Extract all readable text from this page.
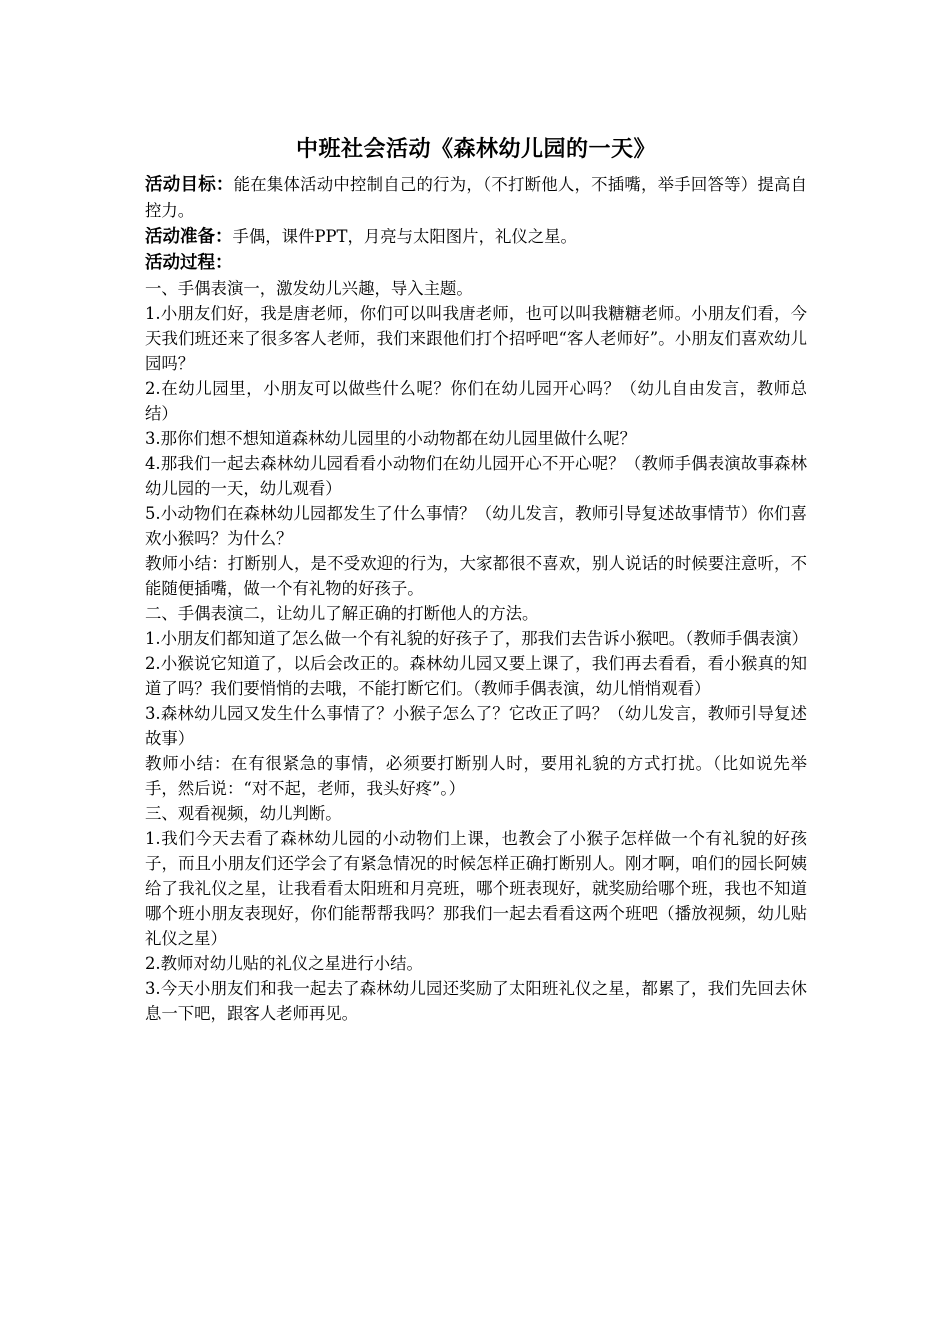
中班社会活动《森林幼儿园的一天》

活动目标：能在集体活动中控制自己的行为，（不打断他人，不插嘴，举手回答等）提高自控力。

活动准备：手偶，课件PPT，月亮与太阳图片，礼仪之星。

活动过程：

一、手偶表演一，激发幼儿兴趣，导入主题。

1.小朋友们好，我是唐老师，你们可以叫我唐老师，也可以叫我糖糖老师。小朋友们看，今天我们班还来了很多客人老师，我们来跟他们打个招呼吧“客人老师好”。小朋友们喜欢幼儿园吗？

2.在幼儿园里，小朋友可以做些什么呢？你们在幼儿园开心吗？（幼儿自由发言，教师总结）

3.那你们想不想知道森林幼儿园里的小动物都在幼儿园里做什么呢？

4.那我们一起去森林幼儿园看看小动物们在幼儿园开心不开心呢？（教师手偶表演故事森林幼儿园的一天，幼儿观看）

5.小动物们在森林幼儿园都发生了什么事情？（幼儿发言，教师引导复述故事情节）你们喜欢小猴吗？为什么？

教师小结：打断别人，是不受欢迎的行为，大家都很不喜欢，别人说话的时候要注意听，不能随便插嘴，做一个有礼物的好孩子。

二、手偶表演二，让幼儿了解正确的打断他人的方法。

1.小朋友们都知道了怎么做一个有礼貌的好孩子了，那我们去告诉小猴吧。（教师手偶表演）

2.小猴说它知道了，以后会改正的。森林幼儿园又要上课了，我们再去看看，看小猴真的知道了吗？我们要悄悄的去哦，不能打断它们。（教师手偶表演，幼儿悄悄观看）

3.森林幼儿园又发生什么事情了？小猴子怎么了？它改正了吗？（幼儿发言，教师引导复述故事）

教师小结：在有很紧急的事情，必须要打断别人时，要用礼貌的方式打扰。（比如说先举手，然后说：“对不起，老师，我头好疼”。）

三、观看视频，幼儿判断。

1.我们今天去看了森林幼儿园的小动物们上课，也教会了小猴子怎样做一个有礼貌的好孩子，而且小朋友们还学会了有紧急情况的时候怎样正确打断别人。刚才啊，咱们的园长阿姨给了我礼仪之星，让我看看太阳班和月亮班，哪个班表现好，就奖励给哪个班，我也不知道哪个班小朋友表现好，你们能帮帮我吗？那我们一起去看看这两个班吧（播放视频，幼儿贴礼仪之星）

2.教师对幼儿贴的礼仪之星进行小结。

3.今天小朋友们和我一起去了森林幼儿园还奖励了太阳班礼仪之星，都累了，我们先回去休息一下吧，跟客人老师再见。
